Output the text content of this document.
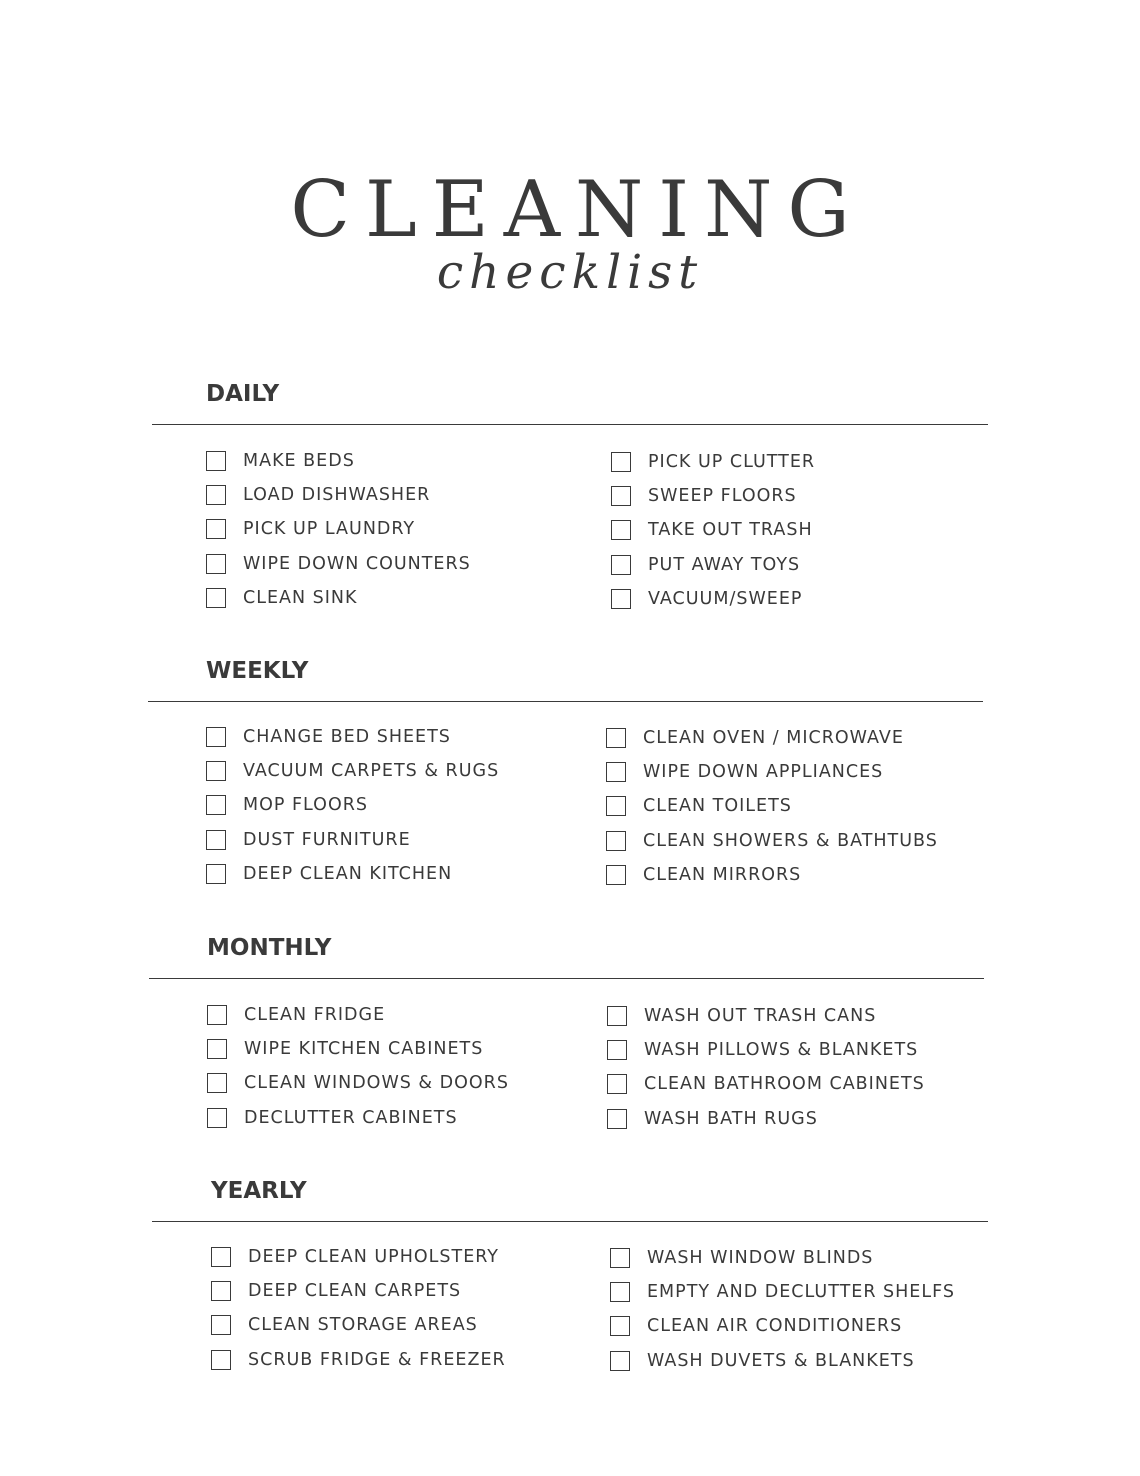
CLEANING
checklist
DAILY
MAKE BEDS
LOAD DISHWASHER
PICK UP LAUNDRY
WIPE DOWN COUNTERS
CLEAN SINK
PICK UP CLUTTER
SWEEP FLOORS
TAKE OUT TRASH
PUT AWAY TOYS
VACUUM/SWEEP
WEEKLY
CHANGE BED SHEETS
VACUUM CARPETS & RUGS
MOP FLOORS
DUST FURNITURE
DEEP CLEAN KITCHEN
CLEAN OVEN / MICROWAVE
WIPE DOWN APPLIANCES
CLEAN TOILETS
CLEAN SHOWERS & BATHTUBS
CLEAN MIRRORS
MONTHLY
CLEAN FRIDGE
WIPE KITCHEN CABINETS
CLEAN WINDOWS & DOORS
DECLUTTER CABINETS
WASH OUT TRASH CANS
WASH PILLOWS & BLANKETS
CLEAN BATHROOM CABINETS
WASH BATH RUGS
YEARLY
DEEP CLEAN UPHOLSTERY
DEEP CLEAN CARPETS
CLEAN STORAGE AREAS
SCRUB FRIDGE & FREEZER
WASH WINDOW BLINDS
EMPTY AND DECLUTTER SHELFS
CLEAN AIR CONDITIONERS
WASH DUVETS & BLANKETS
